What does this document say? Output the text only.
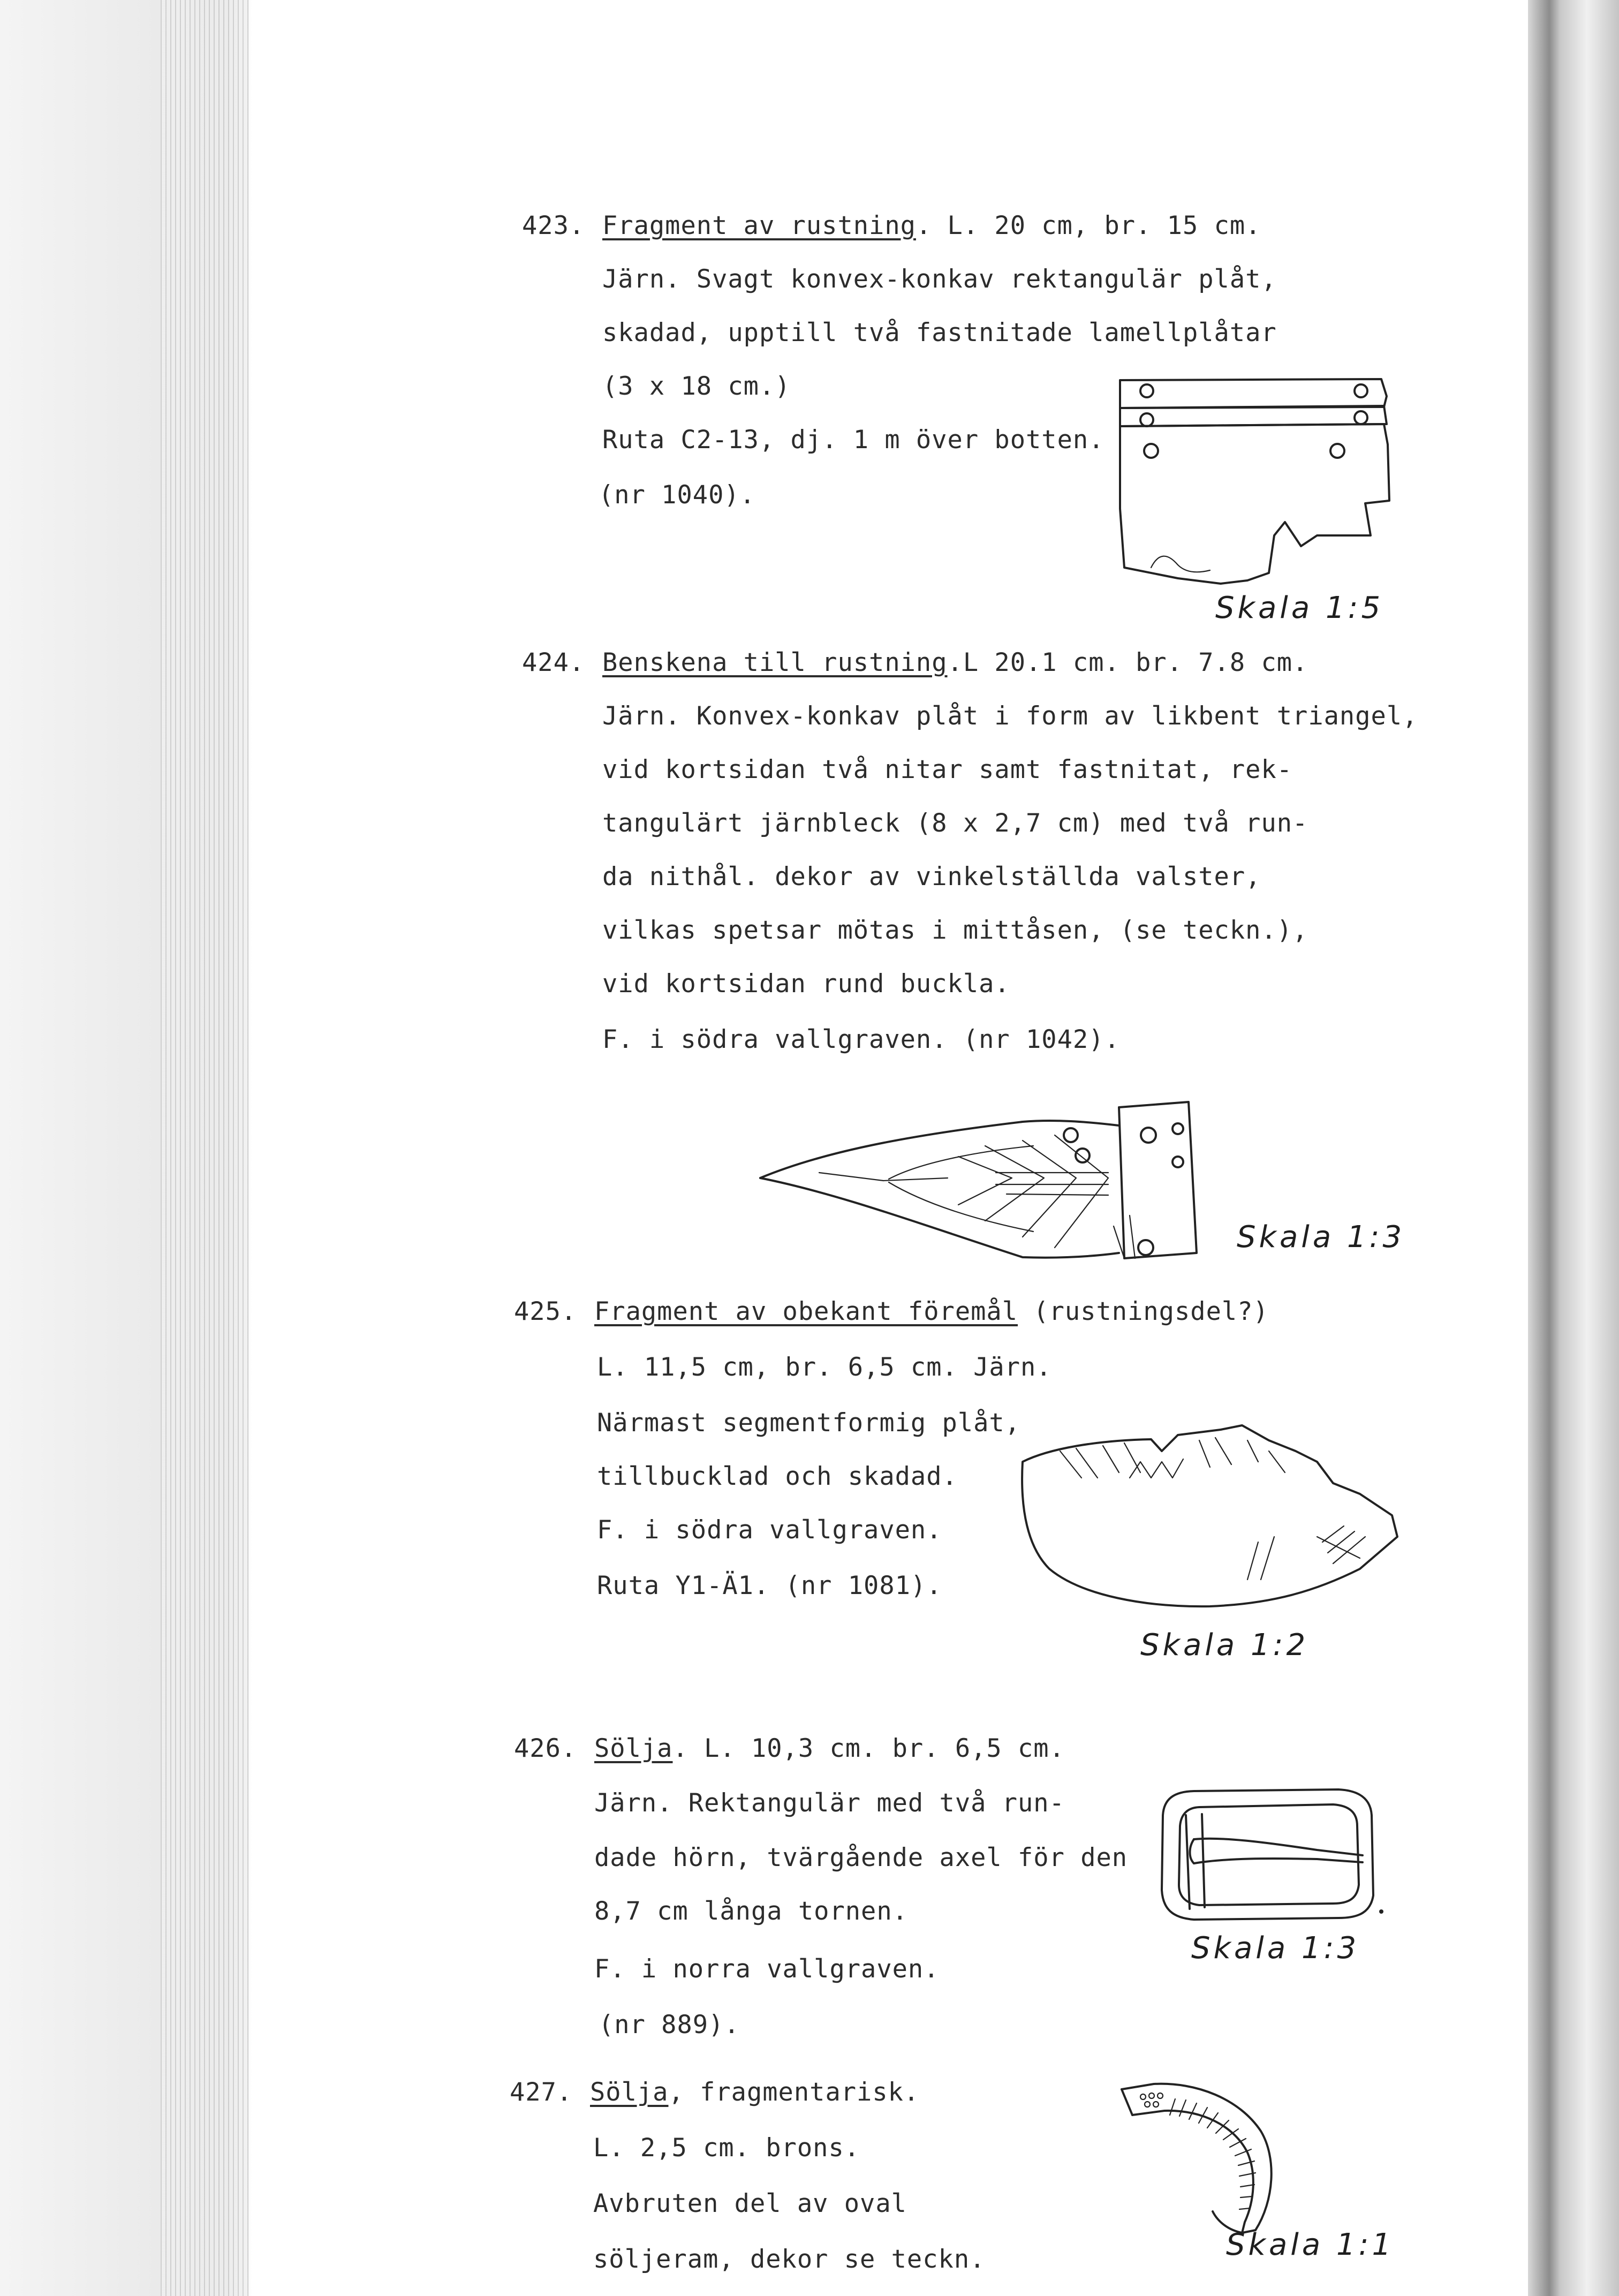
423. Fragment av rustning. L. 20 cm, br. 15 cm.

Järn. Svagt konvex-konkav rektangulär plåt,

skadad, upptill två fastnitade lamellplåtar

(3 x 18 cm.)

Ruta C2-13, dj. 1 m över botten.

(nr 1040).

Skala 1:5

424. Benskena till rustning.L 20.1 cm. br. 7.8 cm.

Järn. Konvex-konkav plåt i form av likbent triangel,

vid kortsidan två nitar samt fastnitat, rek-

tangulärt järnbleck (8 x 2,7 cm) med två run-

da nithål. dekor av vinkelställda valster,

vilkas spetsar mötas i mittåsen, (se teckn.),

vid kortsidan rund buckla.

F. i södra vallgraven. (nr 1042).

Skala 1:3

425. Fragment av obekant föremål (rustningsdel?)

L. 11,5 cm, br. 6,5 cm. Järn.

Närmast segmentformig plåt,

tillbucklad och skadad.

F. i södra vallgraven.

Ruta Y1-Ä1. (nr 1081).

Skala 1:2

426. Sölja. L. 10,3 cm. br. 6,5 cm.

Järn. Rektangulär med två run-

dade hörn, tvärgående axel för den

8,7 cm långa tornen.

F. i norra vallgraven.

(nr 889).

Skala 1:3

427. Sölja, fragmentarisk.

L. 2,5 cm. brons.

Avbruten del av oval

söljeram, dekor se teckn.	Skala 1:1
